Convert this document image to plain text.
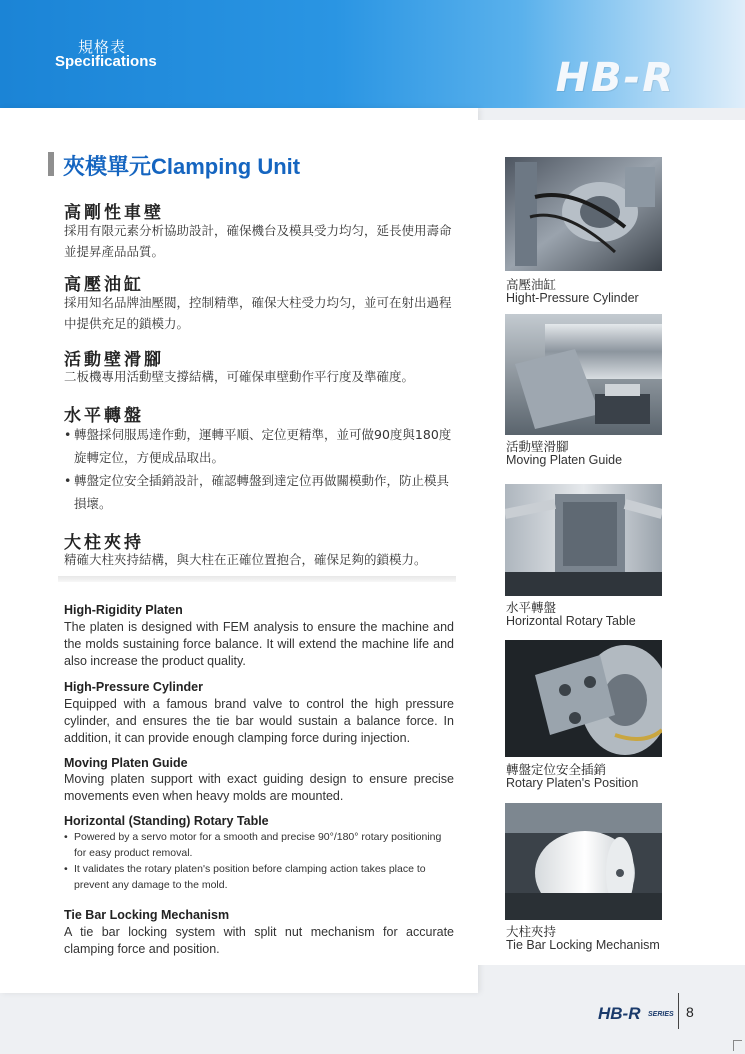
規格表
Specifications	HB-R
夾模單元Clamping Unit
高剛性車壁
採用有限元素分析協助設計，確保機台及模具受力均匀，延長使用壽命並提昇產品品質。
高壓油缸
採用知名品牌油壓閥，控制精準，確保大柱受力均匀，並可在射出過程中提供充足的鎖模力。
活動壁滑腳
二板機專用活動壁支撐結構，可確保車壁動作平行度及準確度。
水平轉盤
• 轉盤採伺服馬達作動，運轉平順、定位更精準，並可做90度與180度旋轉定位，方便成品取出。
• 轉盤定位安全插銷設計，確認轉盤到達定位再做關模動作，防止模具損壞。
大柱夾持
精確大柱夾持結構，與大柱在正確位置抱合，確保足夠的鎖模力。
High-Rigidity Platen
The platen is designed with FEM analysis to ensure the machine and the molds sustaining force balance. It will extend the machine life and also increase the product quality.
High-Pressure Cylinder
Equipped with a famous brand valve to control the high pressure cylinder, and ensures the tie bar would sustain a balance force. In addition, it can provide enough clamping force during injection.
Moving Platen Guide
Moving platen support with exact guiding design to ensure precise movements even when heavy molds are mounted.
Horizontal (Standing) Rotary Table
• Powered by a servo motor for a smooth and precise 90°/180° rotary positioning for easy product removal.
• It validates the rotary platen's position before clamping action takes place to prevent any damage to the mold.
Tie Bar Locking Mechanism
A tie bar locking system with split nut mechanism for accurate clamping force and position.
高壓油缸
Hight-Pressure Cylinder
活動壁滑腳
Moving Platen Guide
水平轉盤
Horizontal Rotary Table
轉盤定位安全插銷
Rotary Platen's Position
大柱夾持
Tie Bar Locking Mechanism
HB-R SERIES 8
